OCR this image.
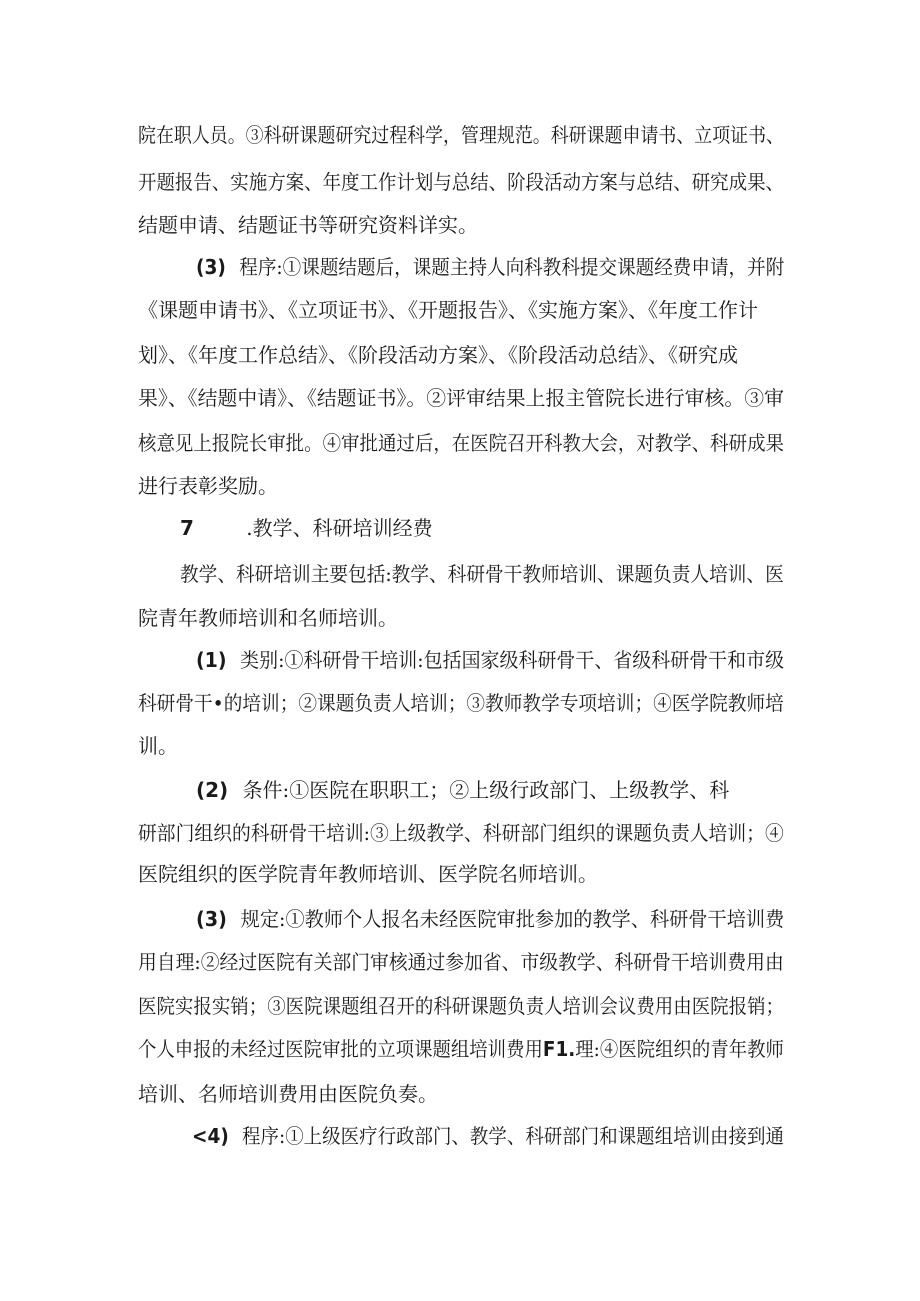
院在职人员。③科研课题研究过程科学，管理规范。科研课题申请书、立项证书、
开题报告、实施方案、年度工作计划与总结、阶段活动方案与总结、研究成果、
结题申请、结题证书等研究资料详实。
(3) 程序:①课题结题后，课题主持人向科教科提交课题经费申请，并附
《课题申请书》、《立项证书》、《开题报告》、《实施方案》、《年度工作计
划》、《年度工作总结》、《阶段活动方案》、《阶段活动总结》、《研究成
果》、《结题中请》、《结题证书》。②评审结果上报主管院长进行审核。③审
核意见上报院长审批。④审批通过后，在医院召开科教大会，对教学、科研成果
进行表彰奖励。
7	.教学、科研培训经费
教学、科研培训主要包括:教学、科研骨干教师培训、课题负责人培训、医
院青年教师培训和名师培训。
(1) 类别:①科研骨干培训:包括国家级科研骨干、省级科研骨干和市级
科研骨干•的培训；②课题负责人培训；③教师教学专项培训；④医学院教师培
训。
(2) 条件:①医院在职职工；②上级行政部门、上级教学、科
研部门组织的科研骨干培训:③上级教学、科研部门组织的课题负责人培训；④
医院组织的医学院青年教师培训、医学院名师培训。
(3) 规定:①教师个人报名未经医院审批参加的教学、科研骨干培训费
用自理:②经过医院有关部门审核通过参加省、市级教学、科研骨干培训费用由
医院实报实销；③医院课题组召开的科研课题负责人培训会议费用由医院报销；
个人申报的未经过医院审批的立项课题组培训费用F1.理:④医院组织的青年教师
培训、名师培训费用由医院负奏。
<4) 程序:①上级医疗行政部门、教学、科研部门和课题组培训由接到通
